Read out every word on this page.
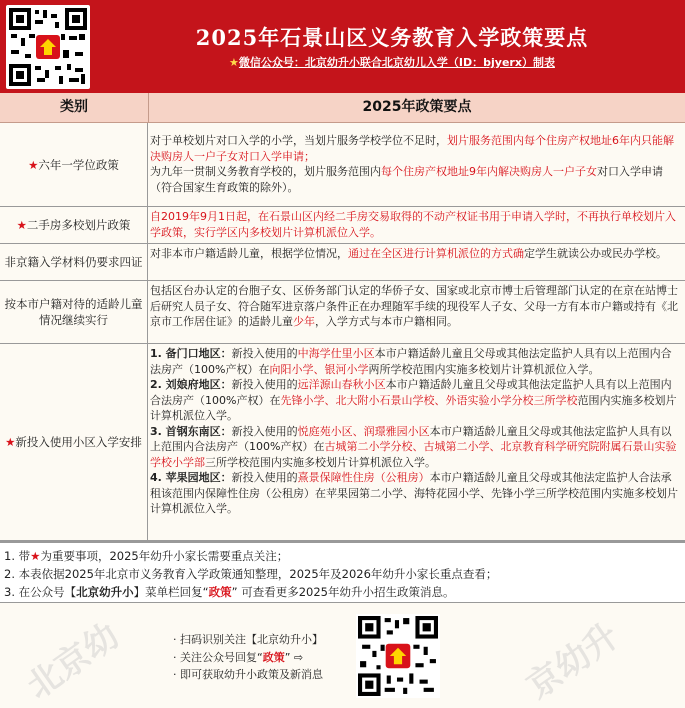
2025年石景山区义务教育入学政策要点
★微信公众号：北京幼升小联合北京幼儿入学（ID：bjyerx）制表
类别	2025年政策要点
★ 六年一学位政策
对于单校划片对口入学的小学，当划片服务学校学位不足时，划片服务范围内每个住房产权地址6年内只能解决购房人一户子女对口入学申请；
为九年一贯制义务教育学校的，划片服务范围内每个住房产权地址9年内解决购房人一户子女对口入学申请（符合国家生育政策的除外）。
★ 二手房多校划片政策
自2019年9月1日起，在石景山区内经二手房交易取得的不动产权证书用于申请入学时，不再执行单校划片入学政策，实行学区内多校划片计算机派位入学。
非京籍入学材料仍要求四证
对非本市户籍适龄儿童，根据学位情况，通过在全区进行计算机派位的方式确定学生就读公办或民办学校。
按本市户籍对待的适龄儿童情况继续实行
包括区台办认定的台胞子女、区侨务部门认定的华侨子女、国家或北京市博士后管理部门认定的在京在站博士后研究人员子女、符合随军进京落户条件正在办理随军手续的现役军人子女、父母一方有本市户籍或持有《北京市工作居住证》的适龄儿童少年，入学方式与本市户籍相同。
★ 新投入使用小区入学安排
1. 备门口地区：新投入使用的中海学仕里小区本市户籍适龄儿童且父母或其他法定监护人具有以上范围内合法房产（100%产权）在向阳小学、银河小学两所学校范围内实施多校划片计算机派位入学。
2. 刘娘府地区：新投入使用的远洋源山春秋小区本市户籍适龄儿童且父母或其他法定监护人具有以上范围内合法房产（100%产权）在先锋小学、北大附小石景山学校、外语实验小学分校三所学校范围内实施多校划片计算机派位入学。
3. 首钢东南区：新投入使用的悦庭苑小区、润璟雅园小区本市户籍适龄儿童且父母或其他法定监护人具有以上范围内合法房产（100%产权）在古城第二小学分校、古城第二小学、北京教育科学研究院附属石景山实验学校小学部三所学校范围内实施多校划片计算机派位入学。
4. 苹果园地区：新投入使用的熹景保障性住房（公租房）本市户籍适龄儿童且父母或其他法定监护人合法承租该范围内保障性住房（公租房）在苹果园第二小学、海特花园小学、先锋小学三所学校范围内实施多校划片计算机派位入学。
1. 带★为重要事项，2025年幼升小家长需要重点关注；
2. 本表依据2025年北京市义务教育入学政策通知整理，2025年及2026年幼升小家长重点查看；
3. 在公众号【北京幼升小】菜单栏回复“政策” 可查看更多2025年幼升小招生政策消息。
北京幼	京幼升
· 扫码识别关注【北京幼升小】
· 关注公众号回复“政策” ⇨
· 即可获取幼升小政策及新消息
